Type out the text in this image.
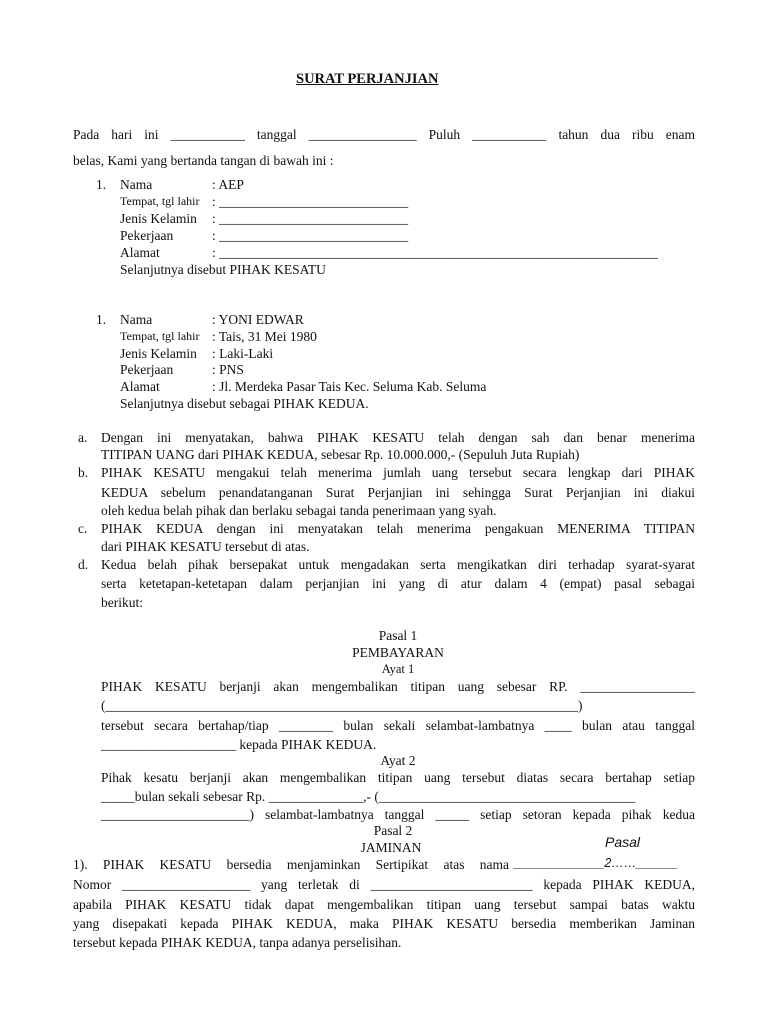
SURAT PERJANJIAN
Pada hari ini ___________ tanggal ________________ Puluh ___________ tahun dua ribu enam
belas, Kami yang bertanda tangan di bawah ini :
1. Nama	: AEP
Tempat, tgl lahir : ____________________________
Jenis Kelamin : ____________________________
Pekerjaan	: ____________________________
Alamat	: _________________________________________________________________
Selanjutnya disebut PIHAK KESATU
1. Nama	: YONI EDWAR
Tempat, tgl lahir : Tais, 31 Mei 1980
Jenis Kelamin : Laki-Laki
Pekerjaan	: PNS
Alamat	: Jl. Merdeka Pasar Tais Kec. Seluma Kab. Seluma
Selanjutnya disebut sebagai PIHAK KEDUA.
a. Dengan ini menyatakan, bahwa PIHAK KESATU telah dengan sah dan benar menerima
TITIPAN UANG dari PIHAK KEDUA, sebesar Rp. 10.000.000,- (Sepuluh Juta Rupiah)
b. PIHAK KESATU mengakui telah menerima jumlah uang tersebut secara lengkap dari PIHAK
KEDUA sebelum penandatanganan Surat Perjanjian ini sehingga Surat Perjanjian ini diakui
oleh kedua belah pihak dan berlaku sebagai tanda penerimaan yang syah.
c. PIHAK KEDUA dengan ini menyatakan telah menerima pengakuan MENERIMA TITIPAN
dari PIHAK KESATU tersebut di atas.
d. Kedua belah pihak bersepakat untuk mengadakan serta mengikatkan diri terhadap syarat-syarat
serta ketetapan-ketetapan dalam perjanjian ini yang di atur dalam 4 (empat) pasal sebagai
berikut:
Pasal 1
PEMBAYARAN
Ayat 1
PIHAK KESATU berjanji akan mengembalikan titipan uang sebesar RP. _________________
(______________________________________________________________________)
tersebut secara bertahap/tiap ________ bulan sekali selambat-lambatnya ____ bulan atau tanggal
____________________ kepada PIHAK KEDUA.
Ayat 2
Pihak kesatu berjanji akan mengembalikan titipan uang tersebut diatas secara bertahap setiap
_____bulan sekali sebesar Rp. ______________,- (______________________________________
______________________) selambat-lambatnya tanggal _____ setiap setoran kepada pihak kedua
Pasal 2
Pasal
JAMINAN
1). PIHAK KESATU bersedia menjaminkan Sertipikat atas nama _____________2……______
Nomor ___________________ yang terletak di ________________________ kepada PIHAK KEDUA,
apabila PIHAK KESATU tidak dapat mengembalikan titipan uang tersebut sampai batas waktu
yang disepakati kepada PIHAK KEDUA, maka PIHAK KESATU bersedia memberikan Jaminan
tersebut kepada PIHAK KEDUA, tanpa adanya perselisihan.
